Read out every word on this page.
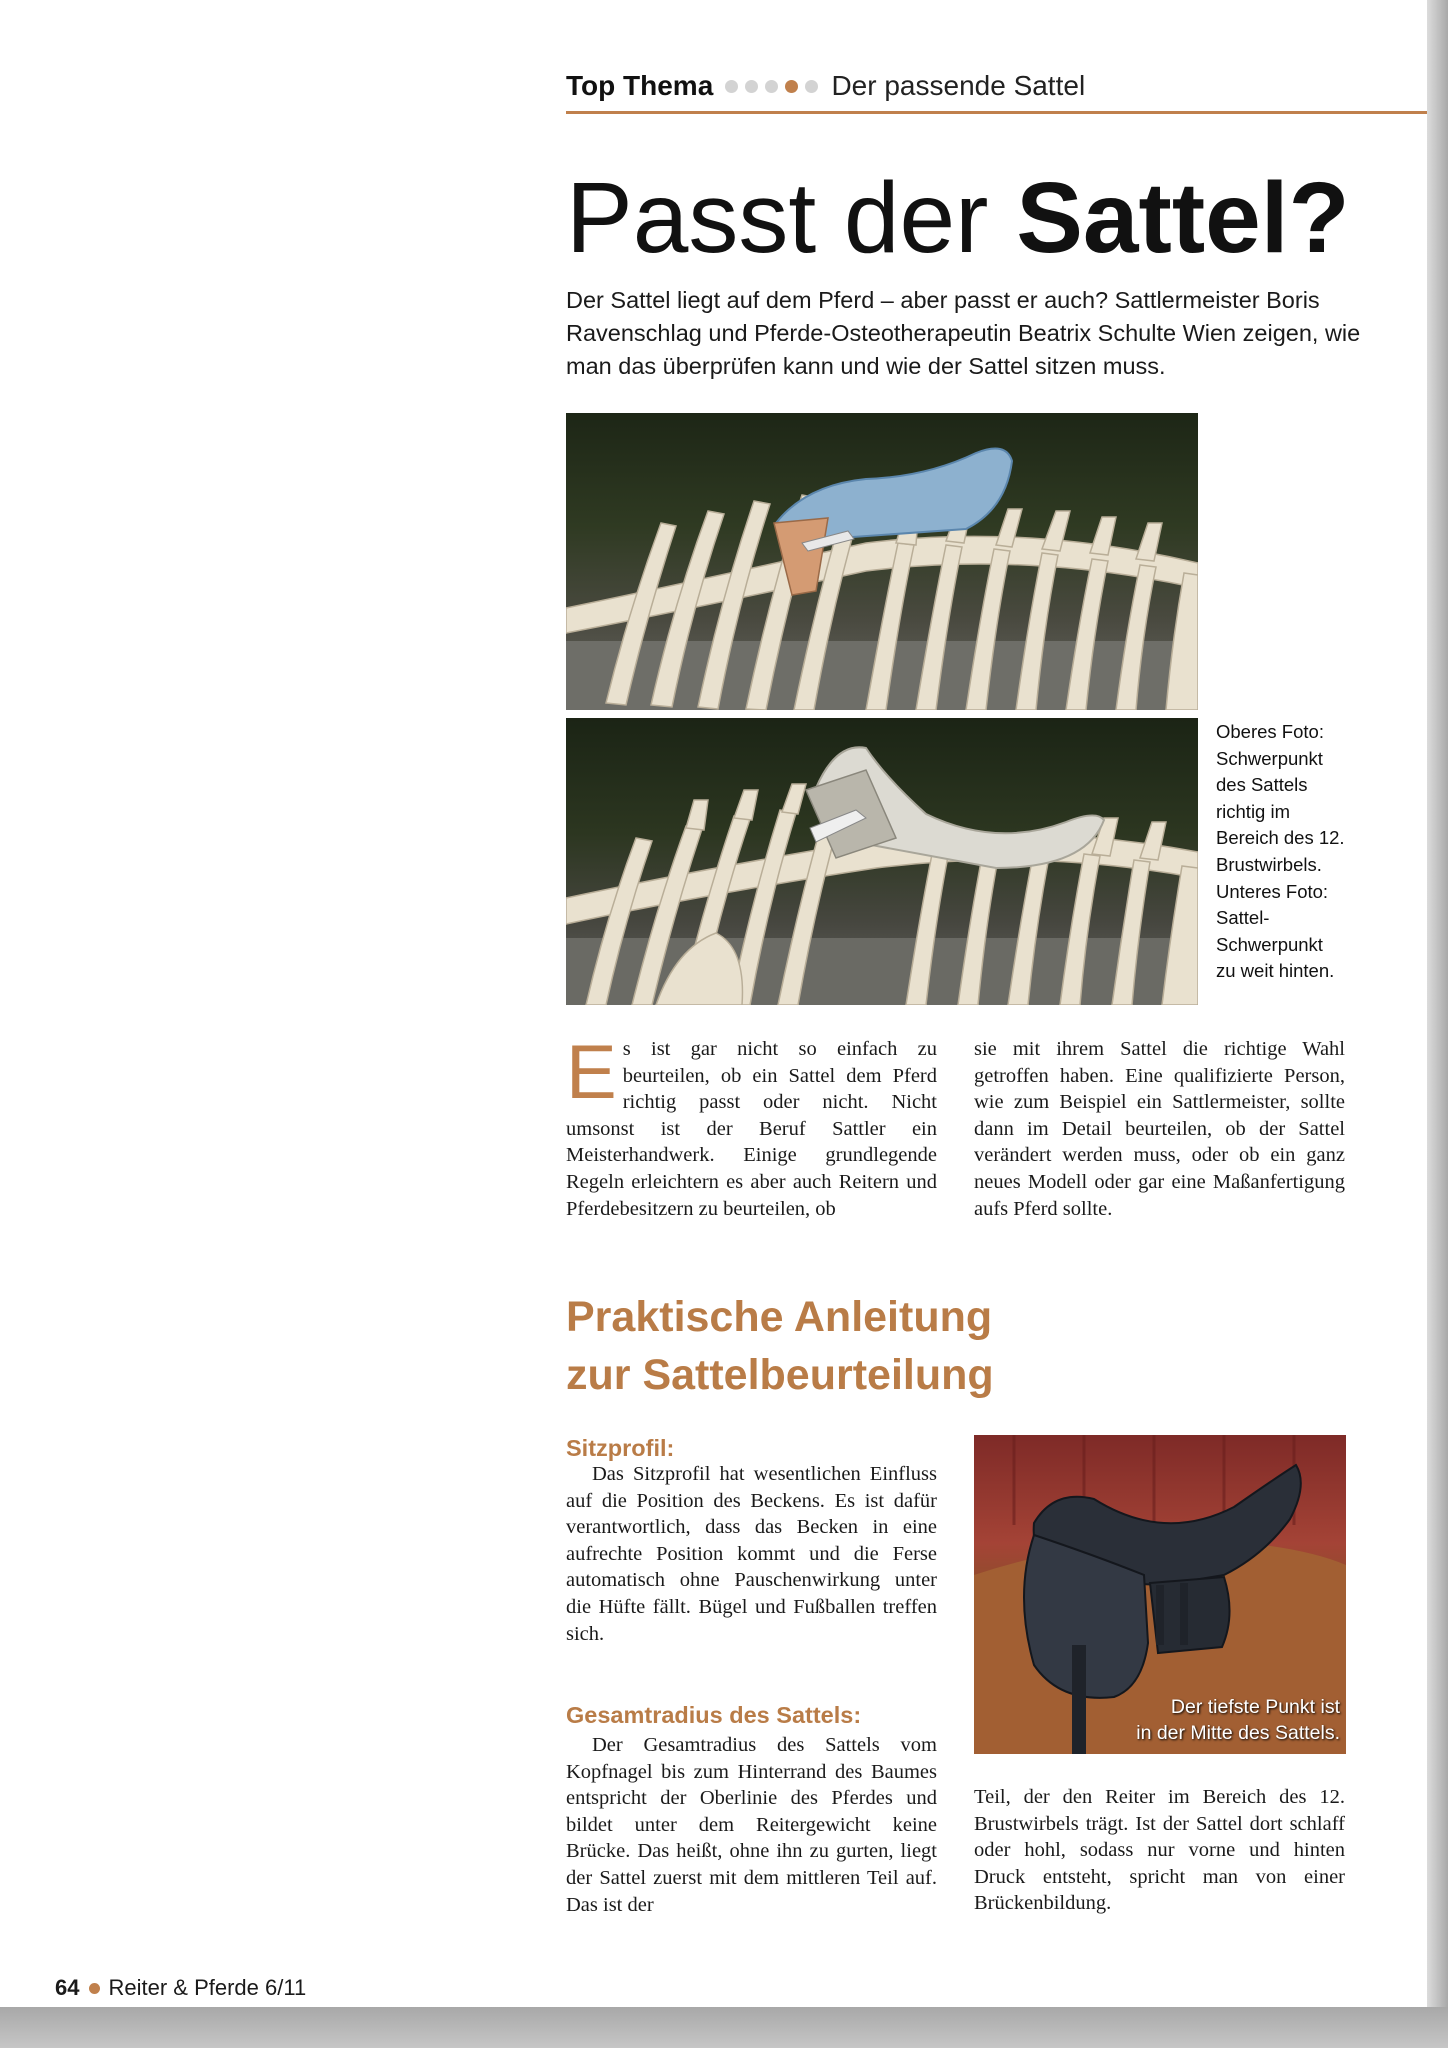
Top Thema	Der passende Sattel
Passt der Sattel?

Der Sattel liegt auf dem Pferd – aber passt er auch? Sattlermeister Boris Ravenschlag und Pferde-Osteotherapeutin Beatrix Schulte Wien zeigen, wie man das überprüfen kann und wie der Sattel sitzen muss.

Oberes Foto: Schwerpunkt des Sattels richtig im Bereich des 12. Brustwirbels. Unteres Foto: Sattel-Schwerpunkt zu weit hinten.

Es ist gar nicht so einfach zu beurteilen, ob ein Sattel dem Pferd richtig passt oder nicht. Nicht umsonst ist der Beruf Sattler ein Meisterhandwerk. Einige grundlegende Regeln erleichtern es aber auch Reitern und Pferdebesitzern zu beurteilen, ob

sie mit ihrem Sattel die richtige Wahl getroffen haben. Eine qualifizierte Person, wie zum Beispiel ein Sattlermeister, sollte dann im Detail beurteilen, ob der Sattel verändert werden muss, oder ob ein ganz neues Modell oder gar eine Maßanfertigung aufs Pferd sollte.

Praktische Anleitung
zur Sattelbeurteilung
Sitzprofil:

Das Sitzprofil hat wesentlichen Einfluss auf die Position des Beckens. Es ist dafür verantwortlich, dass das Becken in eine aufrechte Position kommt und die Ferse automatisch ohne Pauschenwirkung unter die Hüfte fällt. Bügel und Fußballen treffen sich.

Gesamtradius des Sattels:

Der Gesamtradius des Sattels vom Kopfnagel bis zum Hinterrand des Baumes entspricht der Oberlinie des Pferdes und bildet unter dem Reitergewicht keine Brücke. Das heißt, ohne ihn zu gurten, liegt der Sattel zuerst mit dem mittleren Teil auf. Das ist der

Der tiefste Punkt ist
in der Mitte des Sattels.

Teil, der den Reiter im Bereich des 12. Brustwirbels trägt. Ist der Sattel dort schlaff oder hohl, sodass nur vorne und hinten Druck entsteht, spricht man von einer Brückenbildung.

64 Reiter & Pferde 6/11
